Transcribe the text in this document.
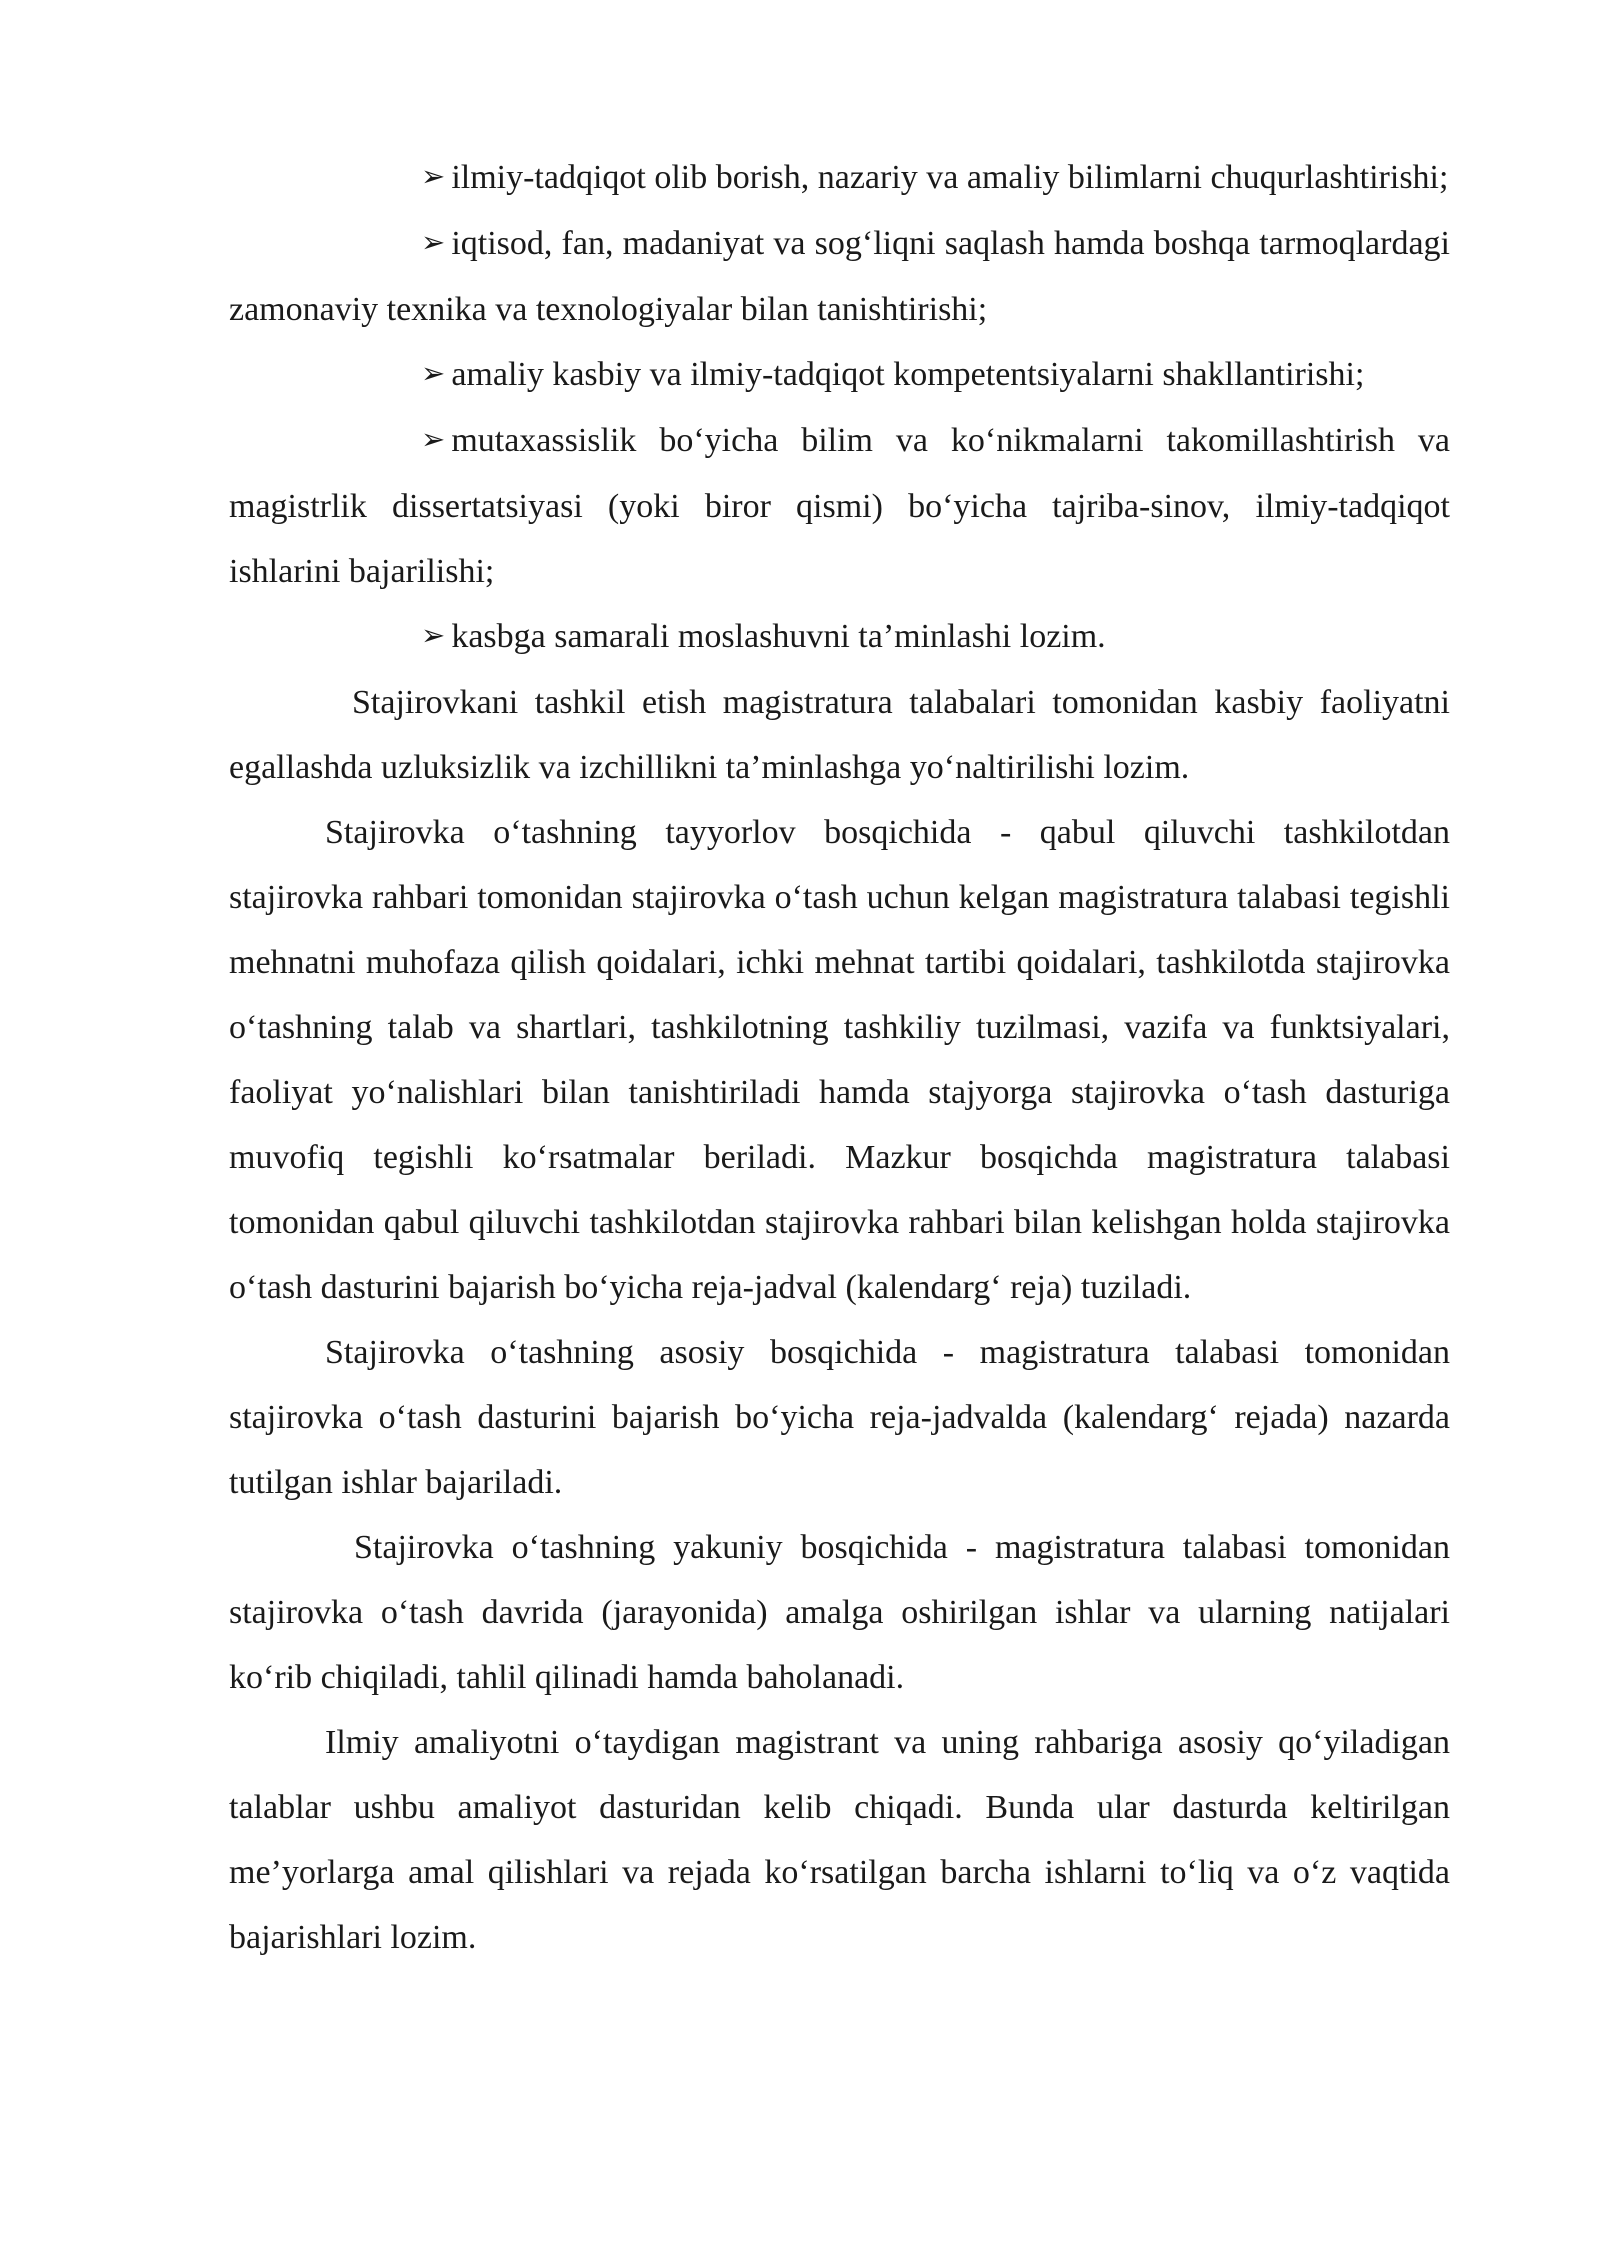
➢ ilmiy-tadqiqot olib borish, nazariy va amaliy bilimlarni chuqurlashtirishi;

➢ iqtisod, fan, madaniyat va sog‘liqni saqlash hamda boshqa tarmoqlardagi zamonaviy texnika va texnologiyalar bilan tanishtirishi;

➢ amaliy kasbiy va ilmiy-tadqiqot kompetentsiyalarni shakllantirishi;

➢ mutaxassislik bo‘yicha bilim va ko‘nikmalarni takomillashtirish va magistrlik dissertatsiyasi (yoki biror qismi) bo‘yicha tajriba-sinov, ilmiy-tadqiqot ishlarini bajarilishi;

➢ kasbga samarali moslashuvni ta’minlashi lozim.

Stajirovkani tashkil etish magistratura talabalari tomonidan kasbiy faoliyatni egallashda uzluksizlik va izchillikni ta’minlashga yo‘naltirilishi lozim.

Stajirovka o‘tashning tayyorlov bosqichida - qabul qiluvchi tashkilotdan stajirovka rahbari tomonidan stajirovka o‘tash uchun kelgan magistratura talabasi tegishli mehnatni muhofaza qilish qoidalari, ichki mehnat tartibi qoidalari, tashkilotda stajirovka o‘tashning talab va shartlari, tashkilotning tashkiliy tuzilmasi, vazifa va funktsiyalari, faoliyat yo‘nalishlari bilan tanishtiriladi hamda stajyorga stajirovka o‘tash dasturiga muvofiq tegishli ko‘rsatmalar beriladi. Mazkur bosqichda magistratura talabasi tomonidan qabul qiluvchi tashkilotdan stajirovka rahbari bilan kelishgan holda stajirovka o‘tash dasturini bajarish bo‘yicha reja-jadval (kalendarg‘ reja) tuziladi.

Stajirovka o‘tashning asosiy bosqichida - magistratura talabasi tomonidan stajirovka o‘tash dasturini bajarish bo‘yicha reja-jadvalda (kalendarg‘ rejada) nazarda tutilgan ishlar bajariladi.

Stajirovka o‘tashning yakuniy bosqichida - magistratura talabasi tomonidan stajirovka o‘tash davrida (jarayonida) amalga oshirilgan ishlar va ularning natijalari ko‘rib chiqiladi, tahlil qilinadi hamda baholanadi.

Ilmiy amaliyotni o‘taydigan magistrant va uning rahbariga asosiy qo‘yiladigan talablar ushbu amaliyot dasturidan kelib chiqadi. Bunda ular dasturda keltirilgan me’yorlarga amal qilishlari va rejada ko‘rsatilgan barcha ishlarni to‘liq va o‘z vaqtida bajarishlari lozim.
